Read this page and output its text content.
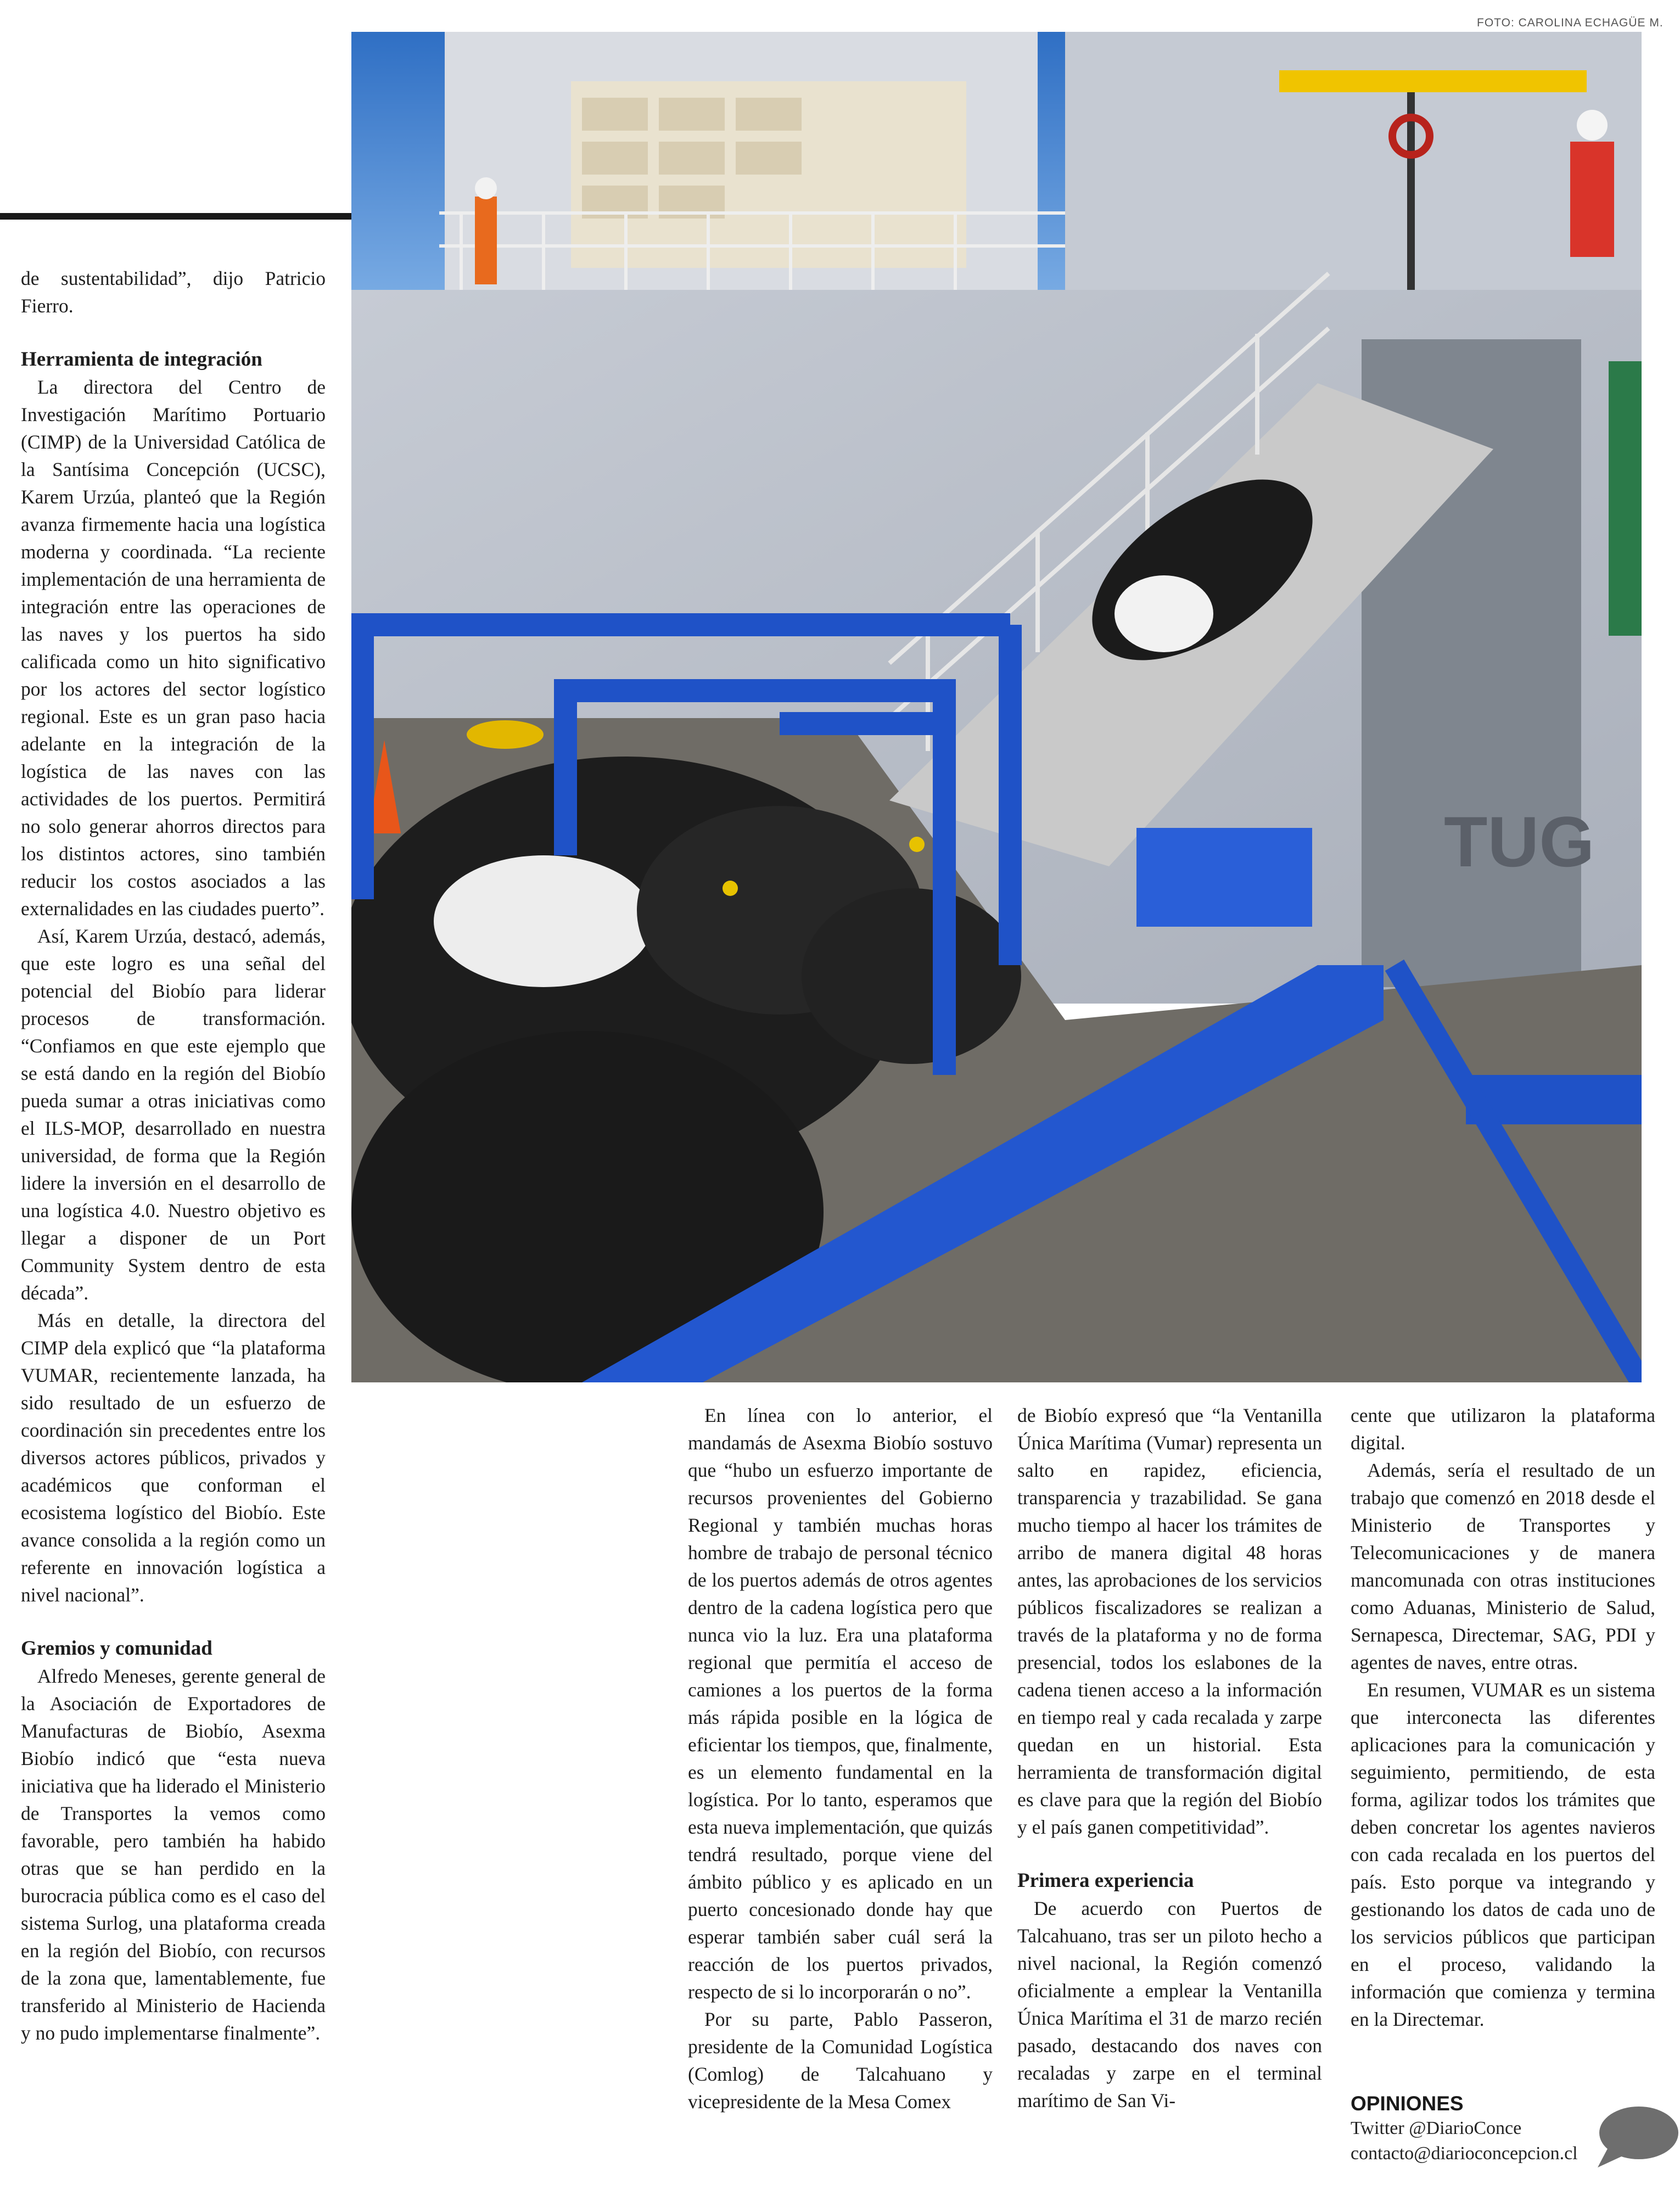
FOTO: CAROLINA ECHAGÜE M.
TUG

de sustentabilidad”, dijo Patricio Fierro.

Herramienta de integración

La directora del Centro de Investigación Marítimo Portuario (CIMP) de la Universidad Católica de la Santísima Concepción (UCSC), Karem Urzúa, planteó que la Región avanza firmemente hacia una logística moderna y coordinada. “La reciente implementación de una herramienta de integración entre las operaciones de las naves y los puertos ha sido calificada como un hito significativo por los actores del sector logístico regional. Este es un gran paso hacia adelante en la integración de la logística de las naves con las actividades de los puertos. Permitirá no solo generar ahorros directos para los distintos actores, sino también reducir los costos asociados a las externalidades en las ciudades puerto”.

Así, Karem Urzúa, destacó, además, que este logro es una señal del potencial del Biobío para liderar procesos de transformación. “Confiamos en que este ejemplo que se está dando en la región del Biobío pueda sumar a otras iniciativas como el ILS-MOP, desarrollado en nuestra universidad, de forma que la Región lidere la inversión en el desarrollo de una logística 4.0. Nuestro objetivo es llegar a disponer de un Port Community System dentro de esta década”.

Más en detalle, la directora del CIMP dela explicó que “la plataforma VUMAR, recientemente lanzada, ha sido resultado de un esfuerzo de coordinación sin precedentes entre los diversos actores públicos, privados y académicos que conforman el ecosistema logístico del Biobío. Este avance consolida a la región como un referente en innovación logística a nivel nacional”.

Gremios y comunidad

Alfredo Meneses, gerente general de la Asociación de Exportadores de Manufacturas de Biobío, Asexma Biobío indicó que “esta nueva iniciativa que ha liderado el Ministerio de Transportes la vemos como favorable, pero también ha habido otras que se han perdido en la burocracia pública como es el caso del sistema Surlog, una plataforma creada en la región del Biobío, con recursos de la zona que, lamentablemente, fue transferido al Ministerio de Hacienda y no pudo implementarse finalmente”.

En línea con lo anterior, el mandamás de Asexma Biobío sostuvo que “hubo un esfuerzo importante de recursos provenientes del Gobierno Regional y también muchas horas hombre de trabajo de personal técnico de los puertos además de otros agentes dentro de la cadena logística pero que nunca vio la luz. Era una plataforma regional que permitía el acceso de camiones a los puertos de la forma más rápida posible en la lógica de eficientar los tiempos, que, finalmente, es un elemento fundamental en la logística. Por lo tanto, esperamos que esta nueva implementación, que quizás tendrá resultado, porque viene del ámbito público y es aplicado en un puerto concesionado donde hay que esperar también saber cuál será la reacción de los puertos privados, respecto de si lo incorporarán o no”.

Por su parte, Pablo Passeron, presidente de la Comunidad Logística (Comlog) de Talcahuano y vicepresidente de la Mesa Comex

de Biobío expresó que “la Ventanilla Única Marítima (Vumar) representa un salto en rapidez, eficiencia, transparencia y trazabilidad. Se gana mucho tiempo al hacer los trámites de arribo de manera digital 48 horas antes, las aprobaciones de los servicios públicos fiscalizadores se realizan a través de la plataforma y no de forma presencial, todos los eslabones de la cadena tienen acceso a la información en tiempo real y cada recalada y zarpe quedan en un historial. Esta herramienta de transformación digital es clave para que la región del Biobío y el país ganen competitividad”.

Primera experiencia

De acuerdo con Puertos de Talcahuano, tras ser un piloto hecho a nivel nacional, la Región comenzó oficialmente a emplear la Ventanilla Única Marítima el 31 de marzo recién pasado, destacando dos naves con recaladas y zarpe en el terminal marítimo de San Vi-

cente que utilizaron la plataforma digital.

Además, sería el resultado de un trabajo que comenzó en 2018 desde el Ministerio de Transportes y Telecomunicaciones y de manera mancomunada con otras instituciones como Aduanas, Ministerio de Salud, Sernapesca, Directemar, SAG, PDI y agentes de naves, entre otras.

En resumen, VUMAR es un sistema que interconecta las diferentes aplicaciones para la comunicación y seguimiento, permitiendo, de esta forma, agilizar todos los trámites que deben concretar los agentes navieros con cada recalada en los puertos del país. Esto porque va integrando y gestionando los datos de cada uno de los servicios públicos que participan en el proceso, validando la información que comienza y termina en la Directemar.

OPINIONES
Twitter @DiarioConce
contacto@diarioconcepcion.cl
